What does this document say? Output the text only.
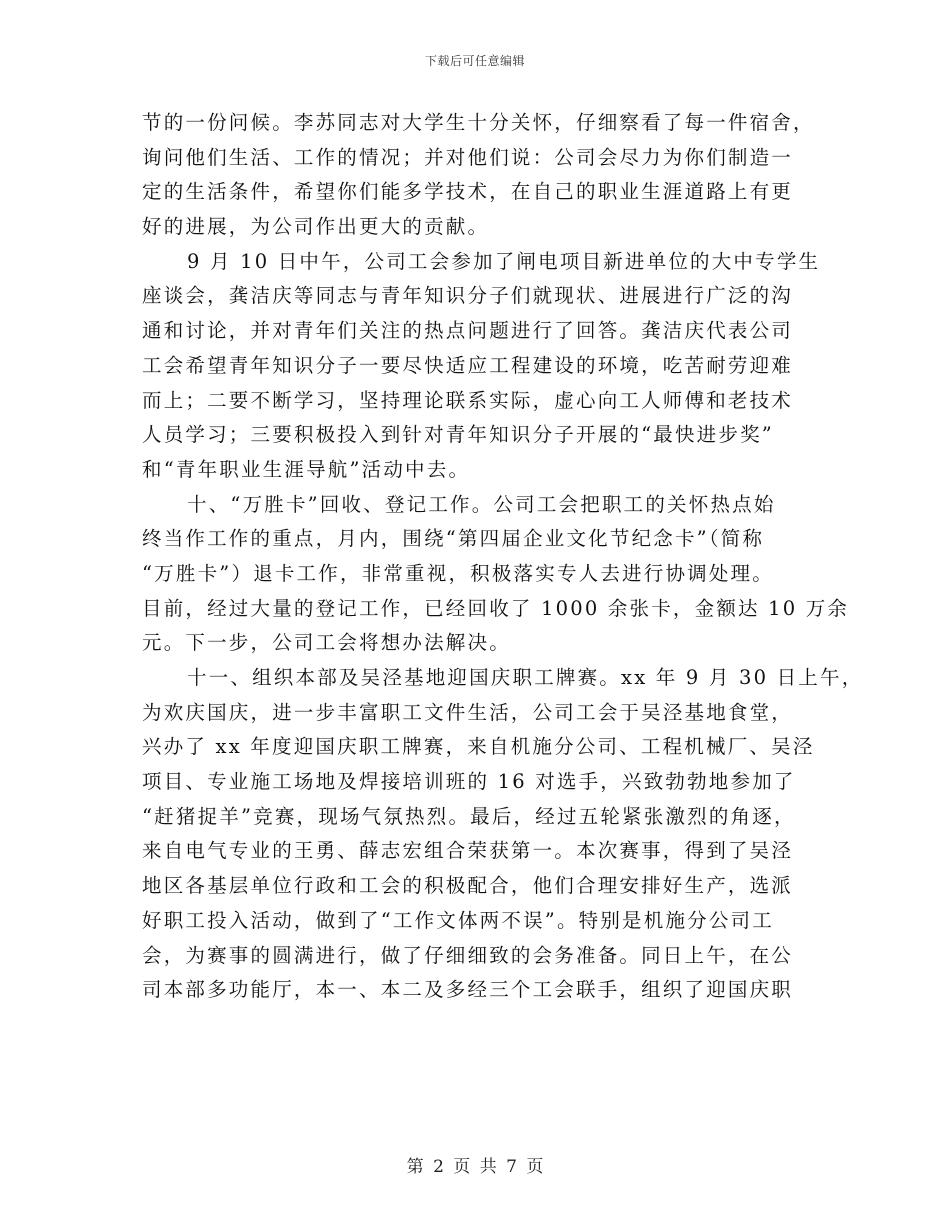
下载后可任意编辑
节的一份问候。李苏同志对大学生十分关怀，仔细察看了每一件宿舍，
询问他们生活、工作的情况；并对他们说：公司会尽力为你们制造一
定的生活条件，希望你们能多学技术，在自己的职业生涯道路上有更
好的进展，为公司作出更大的贡献。
9 月 10 日中午，公司工会参加了闸电项目新进单位的大中专学生
座谈会，龚洁庆等同志与青年知识分子们就现状、进展进行广泛的沟
通和讨论，并对青年们关注的热点问题进行了回答。龚洁庆代表公司
工会希望青年知识分子一要尽快适应工程建设的环境，吃苦耐劳迎难
而上；二要不断学习，坚持理论联系实际，虚心向工人师傅和老技术
人员学习；三要积极投入到针对青年知识分子开展的“最快进步奖”
和“青年职业生涯导航”活动中去。
十、“万胜卡”回收、登记工作。公司工会把职工的关怀热点始
终当作工作的重点，月内，围绕“第四届企业文化节纪念卡”（简称
“万胜卡”）退卡工作，非常重视，积极落实专人去进行协调处理。
目前，经过大量的登记工作，已经回收了 1000 余张卡，金额达 10 万余
元。下一步，公司工会将想办法解决。
十一、组织本部及吴泾基地迎国庆职工牌赛。xx 年 9 月 30 日上午，
为欢庆国庆，进一步丰富职工文件生活，公司工会于吴泾基地食堂，
兴办了 xx 年度迎国庆职工牌赛，来自机施分公司、工程机械厂、吴泾
项目、专业施工场地及焊接培训班的 16 对选手，兴致勃勃地参加了
“赶猪捉羊”竞赛，现场气氛热烈。最后，经过五轮紧张激烈的角逐，
来自电气专业的王勇、薛志宏组合荣获第一。本次赛事，得到了吴泾
地区各基层单位行政和工会的积极配合，他们合理安排好生产，选派
好职工投入活动，做到了“工作文体两不误”。特别是机施分公司工
会，为赛事的圆满进行，做了仔细细致的会务准备。同日上午，在公
司本部多功能厅，本一、本二及多经三个工会联手，组织了迎国庆职
第 2 页 共 7 页
